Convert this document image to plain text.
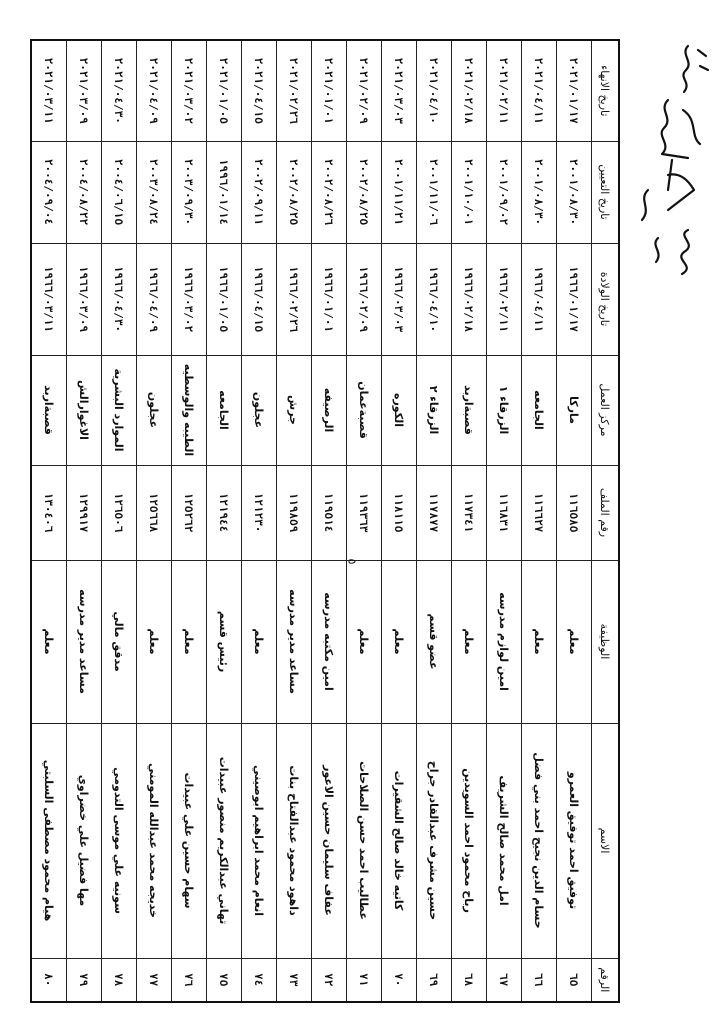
الرقم	الاسم	الوظيفة	رقم الملف	مركز العمل	تاريخ الولادة	تاريخ التعيين	تاريخ الانهاء
٦٥	توفيق احمد توفيق العمرو	معلم	١١٦٥٨٥	ماركا	١٩٦٦/٠١/١٧	٢٠٠١/٠٨/٣٠	٢٠٢١/٠١/١٧
٦٦	حسام الدين نجيح احمد بني فضل	معلم	١١٦٦٢٧	الجامعه	١٩٦٦/٠٤/١١	٢٠٠١/٠٨/٣٠	٢٠٢١/٠٤/١١
٦٧	امل محمد صالح الشريف	امين لوازم مدرسه	١١٦٨٣١	الزرقاء ١	١٩٦٦/٠٢/١١	٢٠٠١/٠٩/٠٢	٢٠٢١/٠٢/١١
٦٨	رباح محمود احمد السويدين	معلم	١١٧٣٤١	قصبةاربد	١٩٦٦/٠٢/١٨	٢٠٠١/١٠/٠١	٢٠٢١/٠٢/١٨
٦٩	حسين مشرف عبدالقادر جراح	عضو قسم	١١٧٨٧٧	الزرقاء ٢	١٩٦٦/٠٤/١٠	٢٠٠١/١١/٠٦	٢٠٢١/٠٤/١٠
٧٠	كاتيه خالد صالح الشقيرات	معلم	١١٨١١٥	الكوره	١٩٦٦/٠٣/٠٣	٢٠٠١/١١/٢١	٢٠٢١/٠٣/٠٣
٧١	عطاليب احمد حسن الصلاحات	معلم	١١٩٣٦٣	قصبةعمان	١٩٦٦/٠٢/٠٩	٢٠٠٢/٠٨/٢٥	٢٠٢١/٠٢/٠٩
٧٢	عفاف سليمان حسين الاعور	امين مكتبه مدرسه	١١٩٥١٤	الرصيفه	١٩٦٦/٠١/٠١	٢٠٠٢/٠٨/٢٦	٢٠٢١/٠١/٠١
٧٣	داهود محمود عبدالفتاح بنات	مساعد مدير مدرسه	١١٩٨٥٩	جرش	١٩٦٦/٠٢/٢٦	٢٠٠٢/٠٨/٢٥	٢٠٢١/٠٢/٢٦
٧٤	انعام محمد ابراهيم ابوصيني	معلم	١٢١٢٣٠	عجلون	١٩٦٦/٠٤/١٥	٢٠٠٢/٠٩/١١	٢٠٢١/٠٤/١٥
٧٥	تهاني عبدالكريم منصور عبيدات	رئيس قسم	١٢١٩٤٤	الجامعه	١٩٦٦/٠١/٠٥	١٩٩٦/٠١/١٤	٢٠٢١/٠١/٠٥
٧٦	سهام حسين علي عبيدات	معلم	١٢٥٢٦٢	الطيبه والوسطيه	١٩٦٦/٠٣/٠٢	٢٠٠٣/٠٩/٣٠	٢٠٢١/٠٣/٠٢
٧٧	خديجه محمد عبدالله المومني	معلم	١٢٥٦٦٨	عجلون	١٩٦٦/٠٤/٠٩	٢٠٠٣/٠٨/٢٤	٢٠٢١/٠٤/٠٩
٧٨	سونيه علي موسى التدومي	مدقق مالي	١٢٦٥٠٦	الموارد البشرية	١٩٦٦/٠٤/٣٠	٢٠٠٤/٠٦/١٥	٢٠٢١/٠٤/٣٠
٧٩	مها فضيل علي خضراوي	مساعد مدير مدرسه	١٢٩٩١٧	الاغوارالش	١٩٦٦/٠٣/٠٩	٢٠٠٤/٠٨/٢٢	٢٠٢١/٠٣/٠٩
٨٠	هيام محمود مصطفى السلبتي	معلم	١٣٠٤٠٦	قصبةاربد	١٩٦٦/٠٣/١١	٢٠٠٤/٠٩/٠٤	٢٠٢١/٠٣/١١
٥
